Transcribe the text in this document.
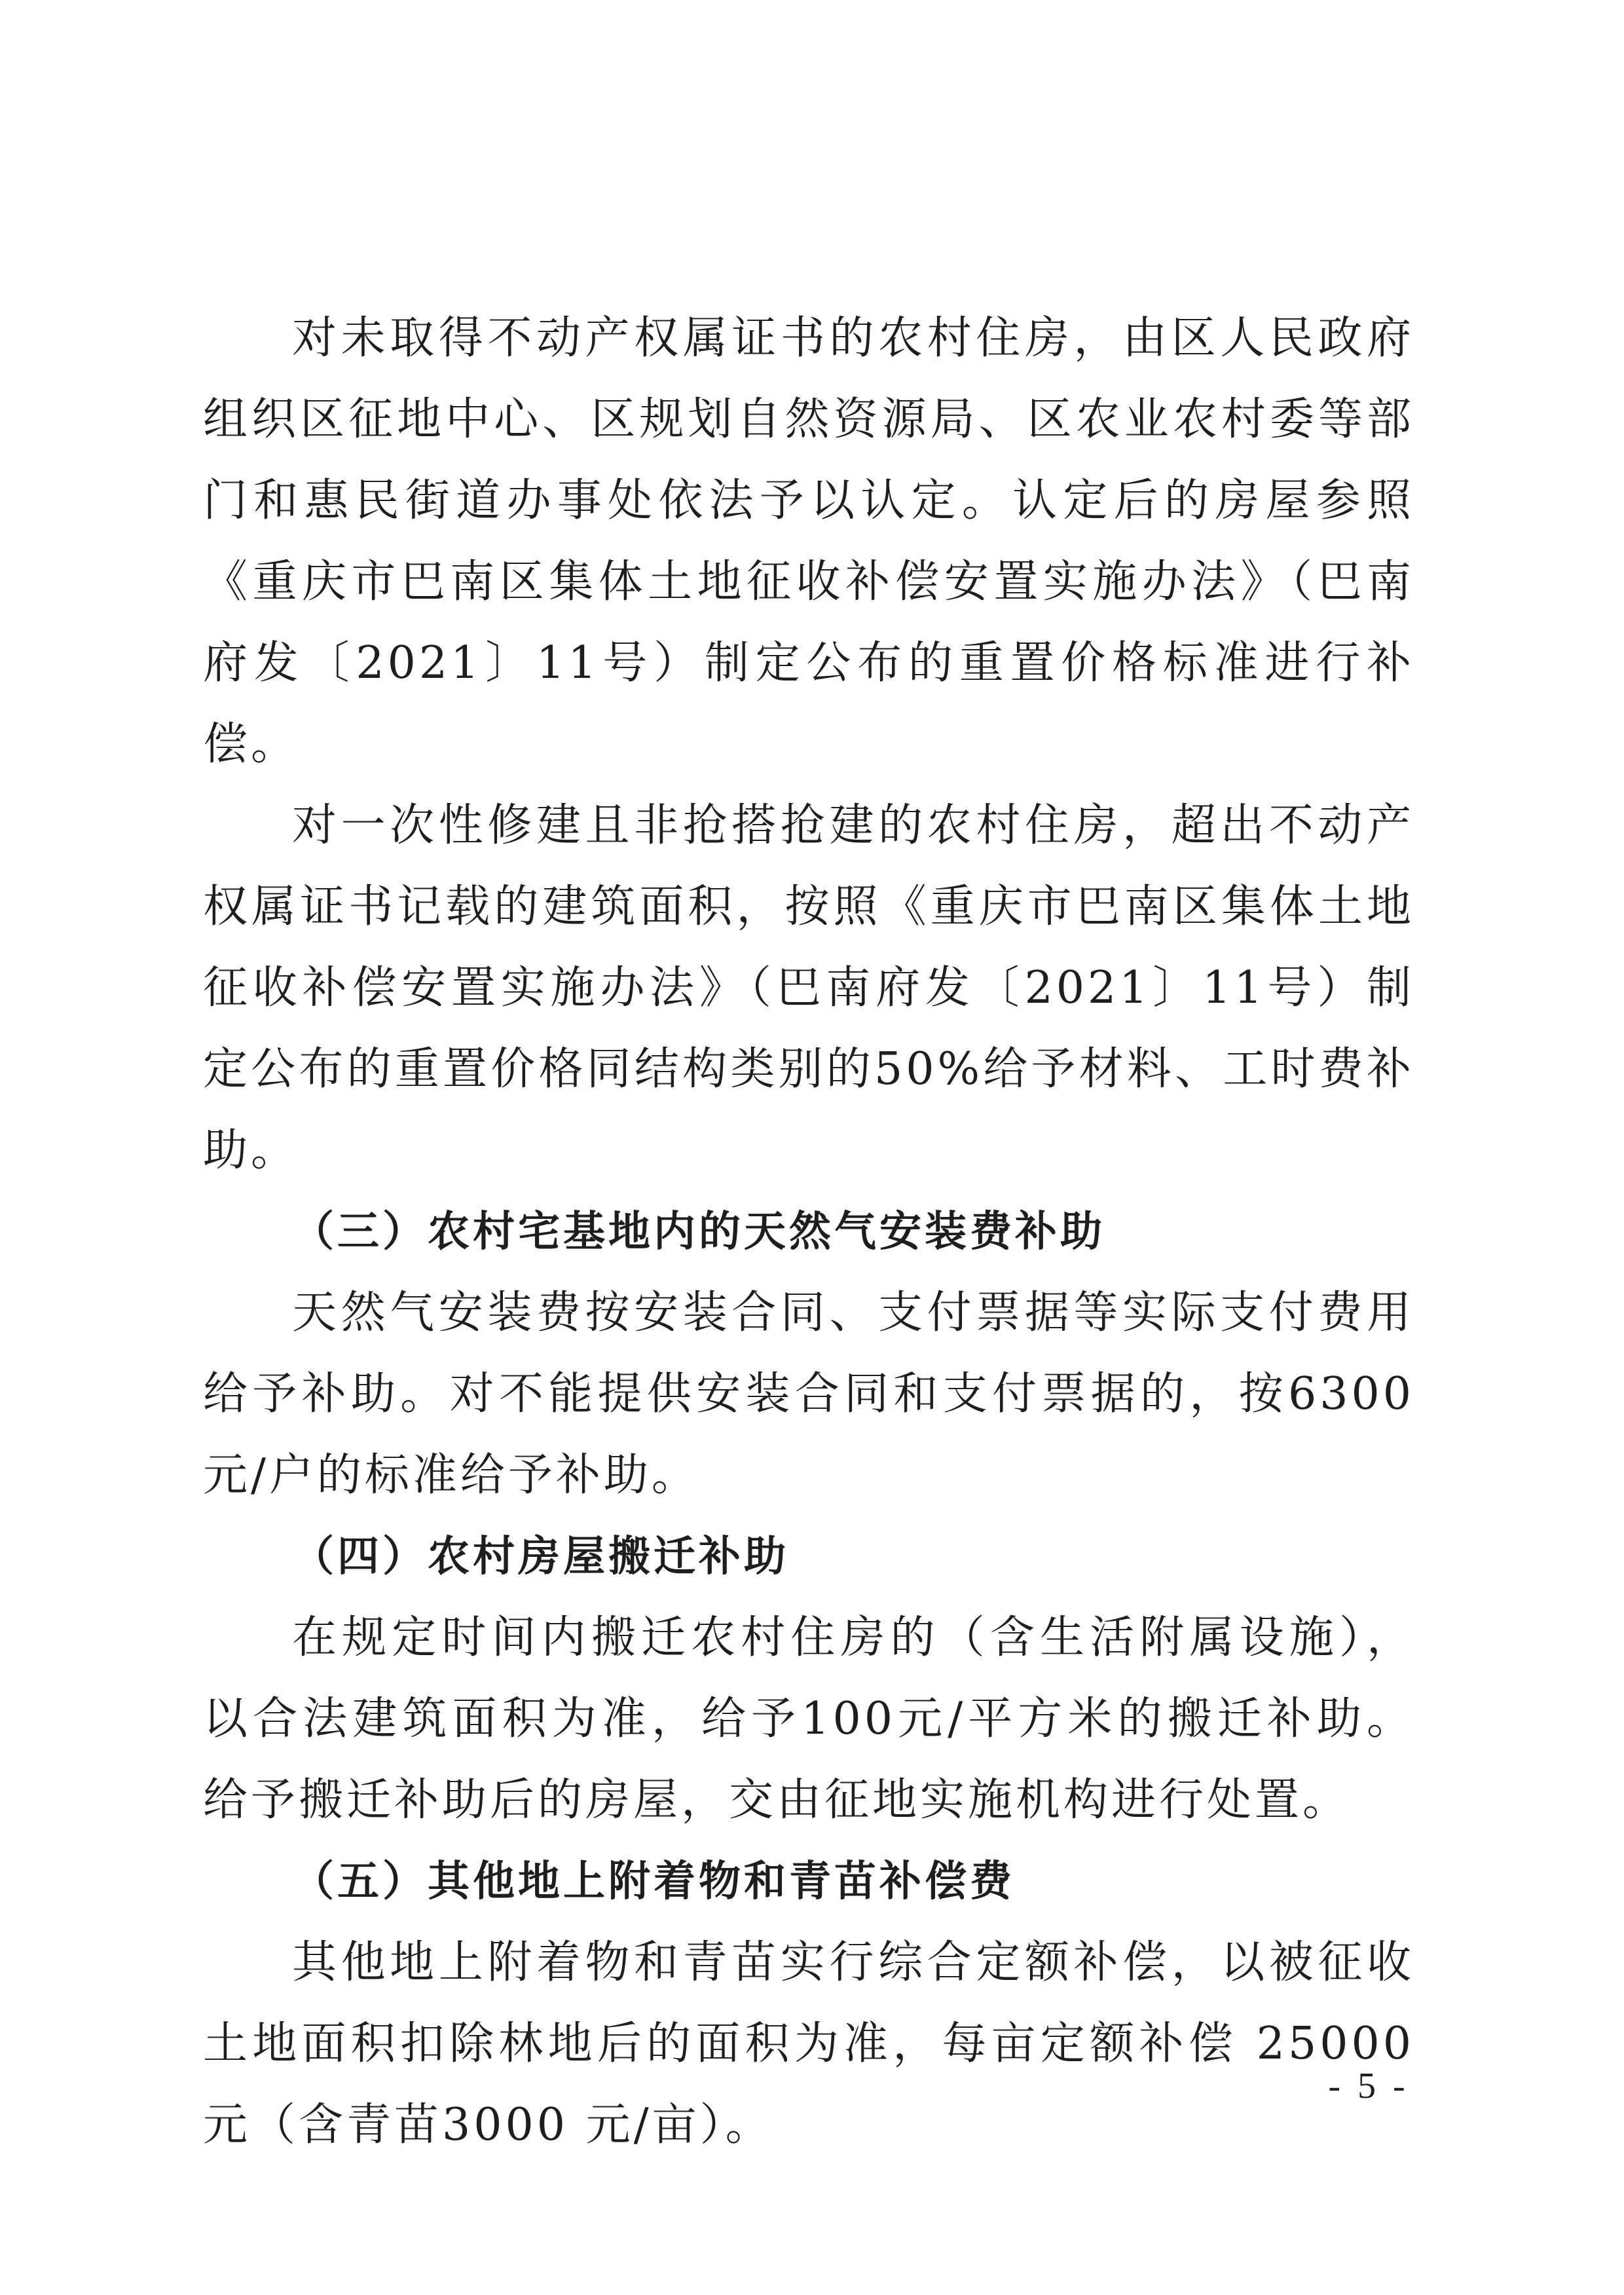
对未取得不动产权属证书的农村住房，由区人民政府组织区征地中心、区规划自然资源局、区农业农村委等部门和惠民街道办事处依法予以认定。认定后的房屋参照《重庆市巴南区集体土地征收补偿安置实施办法》（巴南府发〔2021〕11号）制定公布的重置价格标准进行补偿。

对一次性修建且非抢搭抢建的农村住房，超出不动产权属证书记载的建筑面积，按照《重庆市巴南区集体土地征收补偿安置实施办法》（巴南府发〔2021〕11号）制定公布的重置价格同结构类别的50%给予材料、工时费补助。

（三）农村宅基地内的天然气安装费补助

天然气安装费按安装合同、支付票据等实际支付费用给予补助。对不能提供安装合同和支付票据的，按6300元/户的标准给予补助。

（四）农村房屋搬迁补助

在规定时间内搬迁农村住房的（含生活附属设施），以合法建筑面积为准，给予100元/平方米的搬迁补助。给予搬迁补助后的房屋，交由征地实施机构进行处置。

（五）其他地上附着物和青苗补偿费

其他地上附着物和青苗实行综合定额补偿，以被征收土地面积扣除林地后的面积为准，每亩定额补偿 25000 元（含青苗3000 元/亩）。

- 5 -
